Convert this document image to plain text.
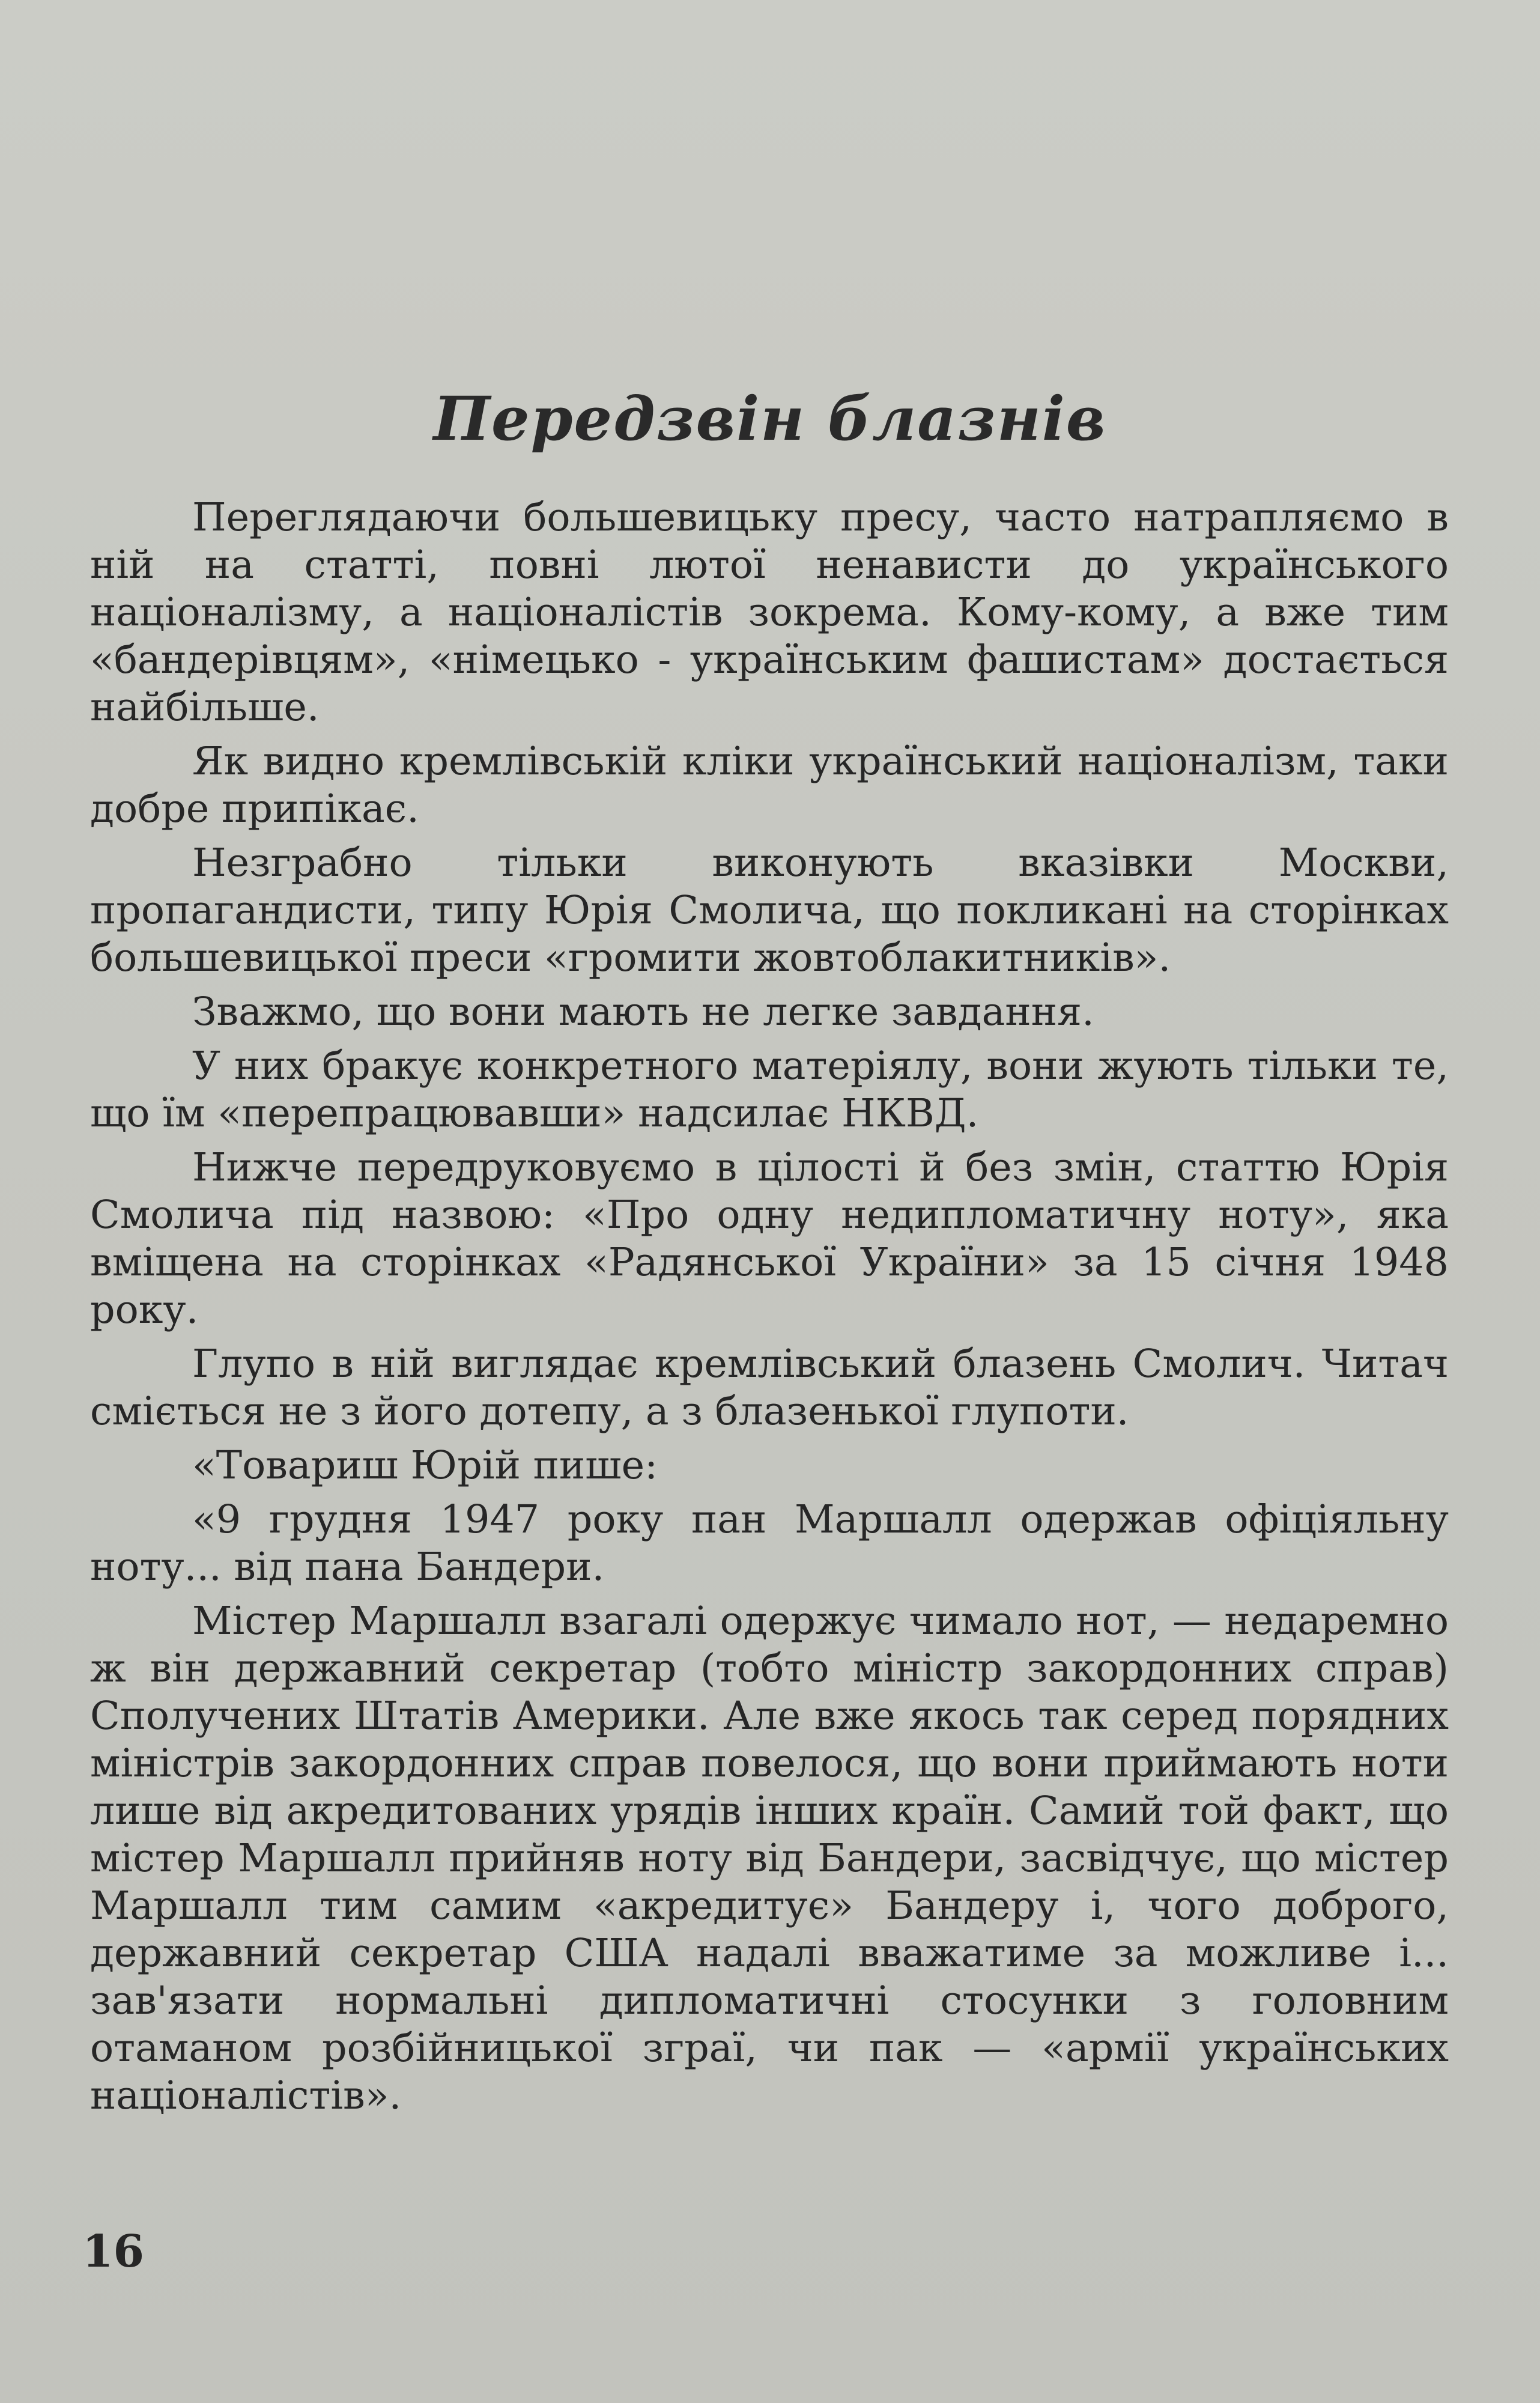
Передзвін блазнів

Переглядаючи большевицьку пресу, часто натрапляємо в ній на статті, повні лютої ненависти до українського націоналізму, а націоналістів зокрема. Кому-кому, а вже тим «бандерівцям», «німецько - українським фашистам» достається найбільше.

Як видно кремлівській кліки український націоналізм, таки добре припікає.

Незграбно тільки виконують вказівки Москви, пропагандисти, типу Юрія Смолича, що покликані на сторінках большевицької преси «громити жовтоблакитників».

Зважмо, що вони мають не легке завдання.

У них бракує конкретного матеріялу, вони жують тільки те, що їм «перепрацювавши» надсилає НКВД.

Нижче передруковуємо в цілості й без змін, статтю Юрія Смолича під назвою: «Про одну недипломатичну ноту», яка вміщена на сторінках «Радянської України» за 15 січня 1948 року.

Глупо в ній виглядає кремлівський блазень Смолич. Читач сміється не з його дотепу, а з блазенької глупоти.

«Товариш Юрій пише:

«9 грудня 1947 року пан Маршалл одержав офіціяльну ноту... від пана Бандери.

Містер Маршалл взагалі одержує чимало нот, — недаремно ж він державний секретар (тобто міністр закордонних справ) Сполучених Штатів Америки. Але вже якось так серед порядних міністрів закордонних справ повелося, що вони приймають ноти лише від акредитованих урядів інших країн. Самий той факт, що містер Маршалл прийняв ноту від Бандери, засвідчує, що містер Маршалл тим самим «акредитує» Бандеру і, чого доброго, державний секретар США надалі вважатиме за можливе і... зав'язати нормальні дипломатичні стосунки з головним отаманом розбійницької зграї, чи пак — «армії українських націоналістів».

16
